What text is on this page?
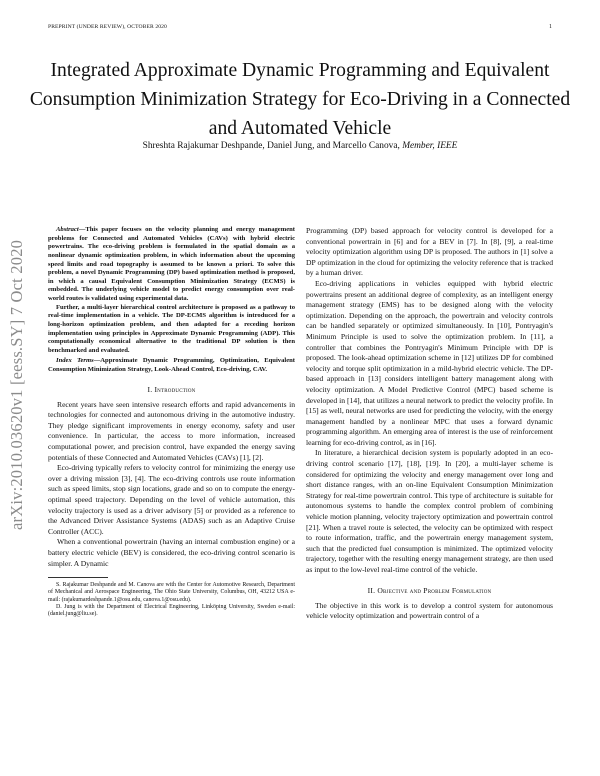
PREPRINT (UNDER REVIEW), OCTOBER 2020	1
Integrated Approximate Dynamic Programming and Equivalent Consumption Minimization Strategy for Eco-Driving in a Connected and Automated Vehicle
Shreshta Rajakumar Deshpande, Daniel Jung, and Marcello Canova, Member, IEEE
arXiv:2010.03620v1 [eess.SY] 7 Oct 2020

Abstract—This paper focuses on the velocity planning and energy management problems for Connected and Automated Vehicles (CAVs) with hybrid electric powertrains. The eco-driving problem is formulated in the spatial domain as a nonlinear dynamic optimization problem, in which information about the upcoming speed limits and road topography is assumed to be known a priori. To solve this problem, a novel Dynamic Programming (DP) based optimization method is proposed, in which a causal Equivalent Consumption Minimization Strategy (ECMS) is embedded. The underlying vehicle model to predict energy consumption over real-world routes is validated using experimental data.

Further, a multi-layer hierarchical control architecture is proposed as a pathway to real-time implementation in a vehicle. The DP-ECMS algorithm is introduced for a long-horizon optimization problem, and then adapted for a receding horizon implementation using principles in Approximate Dynamic Programming (ADP). This computationally economical alternative to the traditional DP solution is then benchmarked and evaluated.

Index Terms—Approximate Dynamic Programming, Optimization, Equivalent Consumption Minimization Strategy, Look-Ahead Control, Eco-driving, CAV.

I. Introduction

Recent years have seen intensive research efforts and rapid advancements in technologies for connected and autonomous driving in the automotive industry. They pledge significant improvements in energy economy, safety and user convenience. In particular, the access to more information, increased computational power, and precision control, have expanded the energy saving potentials of these Connected and Automated Vehicles (CAVs) [1], [2].

Eco-driving typically refers to velocity control for minimizing the energy use over a driving mission [3], [4]. The eco-driving controls use route information such as speed limits, stop sign locations, grade and so on to compute the energy-optimal speed trajectory. Depending on the level of vehicle automation, this velocity trajectory is used as a driver advisory [5] or provided as a reference to the Advanced Driver Assistance Systems (ADAS) such as an Adaptive Cruise Controller (ACC).

When a conventional powertrain (having an internal combustion engine) or a battery electric vehicle (BEV) is considered, the eco-driving control scenario is simpler. A Dynamic

S. Rajakumar Deshpande and M. Canova are with the Center for Automotive Research, Department of Mechanical and Aerospace Engineering, The Ohio State University, Columbus, OH, 43212 USA e-mail: (rajakumardeshpande.1@osu.edu, canova.1@osu.edu).

D. Jung is with the Department of Electrical Engineering, Linköping University, Sweden e-mail: (daniel.jung@liu.se).

Programming (DP) based approach for velocity control is developed for a conventional powertrain in [6] and for a BEV in [7]. In [8], [9], a real-time velocity optimization algorithm using DP is proposed. The authors in [1] solve a DP optimization in the cloud for optimizing the velocity reference that is tracked by a human driver.

Eco-driving applications in vehicles equipped with hybrid electric powertrains present an additional degree of complexity, as an intelligent energy management strategy (EMS) has to be designed along with the velocity optimization. Depending on the approach, the powertrain and velocity controls can be handled separately or optimized simultaneously. In [10], Pontryagin's Minimum Principle is used to solve the optimization problem. In [11], a controller that combines the Pontryagin's Minimum Principle with DP is proposed. The look-ahead optimization scheme in [12] utilizes DP for combined velocity and torque split optimization in a mild-hybrid electric vehicle. The DP-based approach in [13] considers intelligent battery management along with velocity optimization. A Model Predictive Control (MPC) based scheme is developed in [14], that utilizes a neural network to predict the velocity profile. In [15] as well, neural networks are used for predicting the velocity, with the energy management handled by a nonlinear MPC that uses a forward dynamic programming algorithm. An emerging area of interest is the use of reinforcement learning for eco-driving control, as in [16].

In literature, a hierarchical decision system is popularly adopted in an eco-driving control scenario [17], [18], [19]. In [20], a multi-layer scheme is considered for optimizing the velocity and energy management over long and short distance ranges, with an on-line Equivalent Consumption Minimization Strategy for real-time powertrain control. This type of architecture is suitable for autonomous systems to handle the complex control problem of combining vehicle motion planning, velocity trajectory optimization and powertrain control [21]. When a travel route is selected, the velocity can be optimized with respect to route information, traffic, and the powertrain energy management system, such that the predicted fuel consumption is minimized. The optimized velocity trajectory, together with the resulting energy management strategy, are then used as input to the low-level real-time control of the vehicle.

II. Objective and Problem Formulation

The objective in this work is to develop a control system for autonomous vehicle velocity optimization and powertrain control of a
